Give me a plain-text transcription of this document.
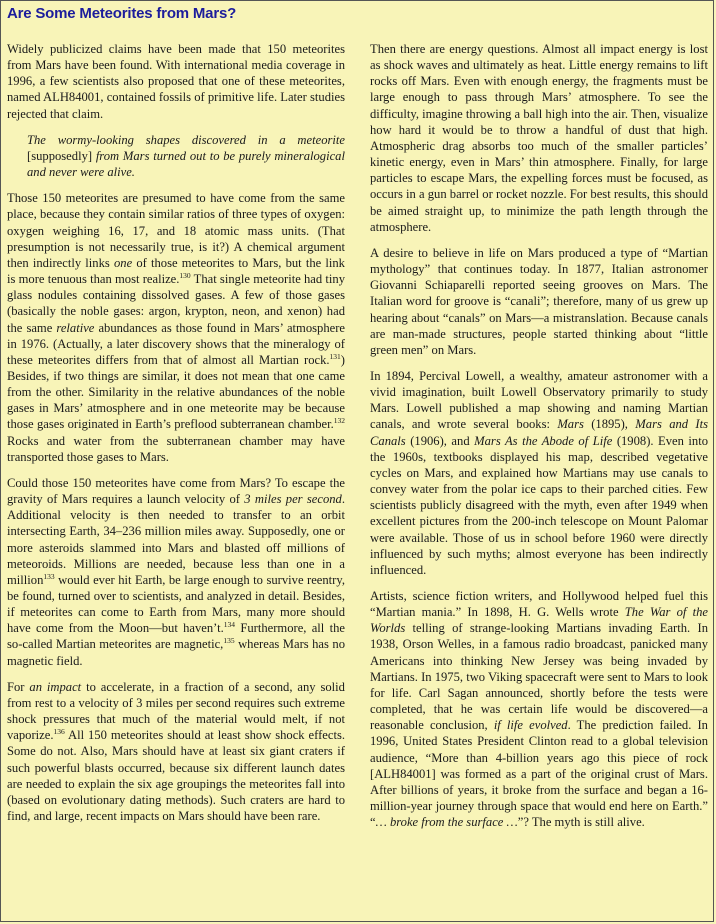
Are Some Meteorites from Mars?

Widely publicized claims have been made that 150 meteorites from Mars have been found. With international media coverage in 1996, a few scientists also proposed that one of these meteorites, named ALH84001, contained fossils of primitive life. Later studies rejected that claim.

The wormy-looking shapes discovered in a meteorite [supposedly] from Mars turned out to be purely mineralogical and never were alive.

Those 150 meteorites are presumed to have come from the same place, because they contain similar ratios of three types of oxygen: oxygen weighing 16, 17, and 18 atomic mass units. (That presumption is not necessarily true, is it?) A chemical argument then indirectly links one of those meteorites to Mars, but the link is more tenuous than most realize.$^{130}$ That single meteorite had tiny glass nodules containing dissolved gases. A few of those gases (basically the noble gases: argon, krypton, neon, and xenon) had the same relative abundances as those found in Mars’ atmosphere in 1976. (Actually, a later discovery shows that the mineralogy of these meteorites differs from that of almost all Martian rock.$^{131}$) Besides, if two things are similar, it does not mean that one came from the other. Similarity in the relative abundances of the noble gases in Mars’ atmosphere and in one meteorite may be because those gases originated in Earth’s preflood subterranean chamber.$^{132}$ Rocks and water from the subterranean chamber may have transported those gases to Mars.

Could those 150 meteorites have come from Mars? To escape the gravity of Mars requires a launch velocity of 3 miles per second. Additional velocity is then needed to transfer to an orbit intersecting Earth, 34–236 million miles away. Supposedly, one or more asteroids slammed into Mars and blasted off millions of meteoroids. Millions are needed, because less than one in a million$^{133}$ would ever hit Earth, be large enough to survive reentry, be found, turned over to scientists, and analyzed in detail. Besides, if meteorites can come to Earth from Mars, many more should have come from the Moon—but haven’t.$^{134}$ Furthermore, all the so-called Martian meteorites are magnetic,$^{135}$ whereas Mars has no magnetic field.

For an impact to accelerate, in a fraction of a second, any solid from rest to a velocity of 3 miles per second requires such extreme shock pressures that much of the material would melt, if not vaporize.$^{136}$ All 150 meteorites should at least show shock effects. Some do not. Also, Mars should have at least six giant craters if such powerful blasts occurred, because six different launch dates are needed to explain the six age groupings the meteorites fall into (based on evolutionary dating methods). Such craters are hard to find, and large, recent impacts on Mars should have been rare.

Then there are energy questions. Almost all impact energy is lost as shock waves and ultimately as heat. Little energy remains to lift rocks off Mars. Even with enough energy, the fragments must be large enough to pass through Mars’ atmosphere. To see the difficulty, imagine throwing a ball high into the air. Then, visualize how hard it would be to throw a handful of dust that high. Atmospheric drag absorbs too much of the smaller particles’ kinetic energy, even in Mars’ thin atmosphere. Finally, for large particles to escape Mars, the expelling forces must be focused, as occurs in a gun barrel or rocket nozzle. For best results, this should be aimed straight up, to minimize the path length through the atmosphere.

A desire to believe in life on Mars produced a type of “Martian mythology” that continues today. In 1877, Italian astronomer Giovanni Schiaparelli reported seeing grooves on Mars. The Italian word for groove is “canali”; therefore, many of us grew up hearing about “canals” on Mars—a mistranslation. Because canals are man-made structures, people started thinking about “little green men” on Mars.

In 1894, Percival Lowell, a wealthy, amateur astronomer with a vivid imagination, built Lowell Observatory primarily to study Mars. Lowell published a map showing and naming Martian canals, and wrote several books: Mars (1895), Mars and Its Canals (1906), and Mars As the Abode of Life (1908). Even into the 1960s, textbooks displayed his map, described vegetative cycles on Mars, and explained how Martians may use canals to convey water from the polar ice caps to their parched cities. Few scientists publicly disagreed with the myth, even after 1949 when excellent pictures from the 200-inch telescope on Mount Palomar were available. Those of us in school before 1960 were directly influenced by such myths; almost everyone has been indirectly influenced.

Artists, science fiction writers, and Hollywood helped fuel this “Martian mania.” In 1898, H. G. Wells wrote The War of the Worlds telling of strange-looking Martians invading Earth. In 1938, Orson Welles, in a famous radio broadcast, panicked many Americans into thinking New Jersey was being invaded by Martians. In 1975, two Viking spacecraft were sent to Mars to look for life. Carl Sagan announced, shortly before the tests were completed, that he was certain life would be discovered—a reasonable conclusion, if life evolved. The prediction failed. In 1996, United States President Clinton read to a global television audience, “More than 4-billion years ago this piece of rock [ALH84001] was formed as a part of the original crust of Mars. After billions of years, it broke from the surface and began a 16-million-year journey through space that would end here on Earth.” “… broke from the surface …”? The myth is still alive.
